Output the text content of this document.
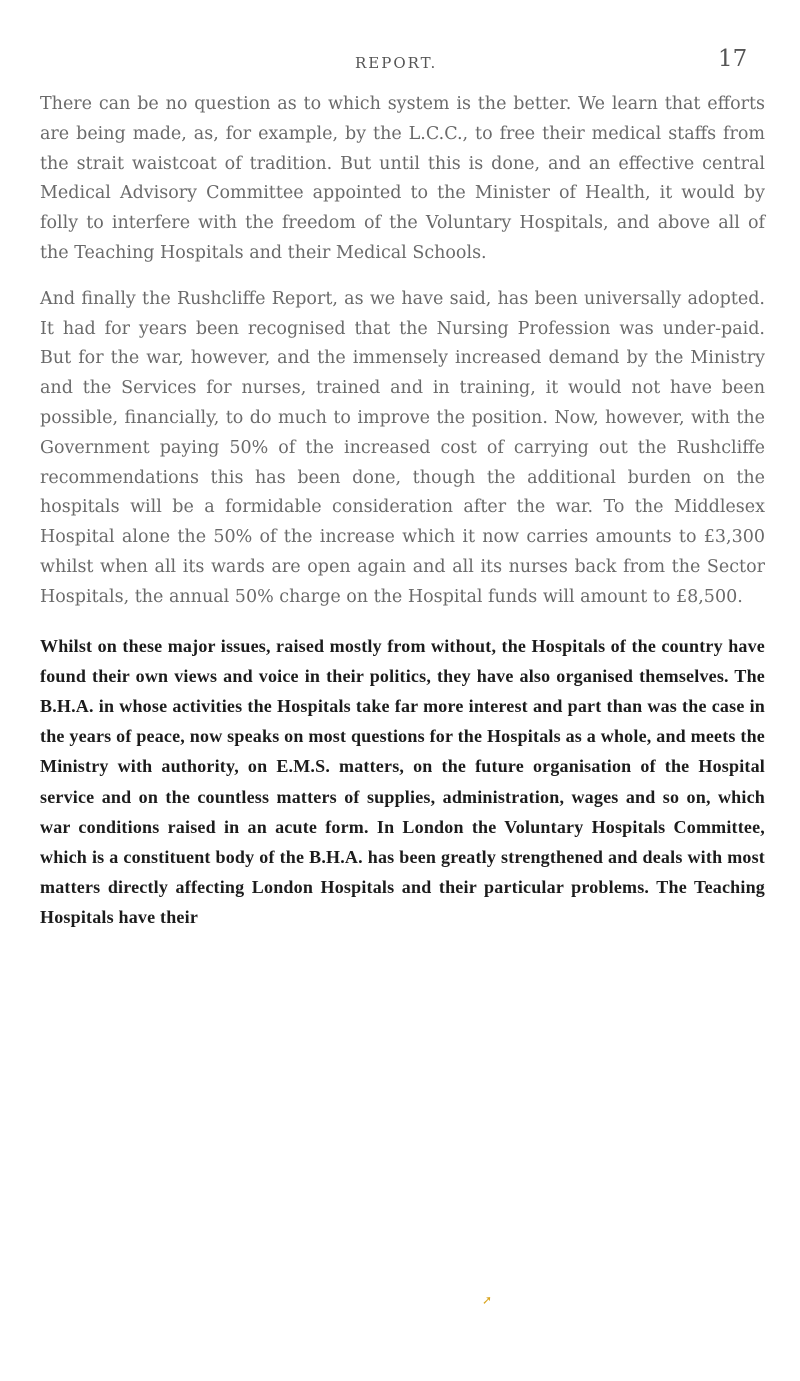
REPORT.	17

There can be no question as to which system is the better. We learn that efforts are being made, as, for example, by the L.C.C., to free their medical staffs from the strait waistcoat of tradition. But until this is done, and an effective central Medical Advisory Committee appointed to the Minister of Health, it would by folly to interfere with the freedom of the Voluntary Hospitals, and above all of the Teaching Hospitals and their Medical Schools.

And finally the Rushcliffe Report, as we have said, has been universally adopted. It had for years been recognised that the Nursing Profession was under-paid. But for the war, however, and the immensely increased demand by the Ministry and the Services for nurses, trained and in training, it would not have been possible, financially, to do much to improve the position. Now, however, with the Government paying 50% of the increased cost of carrying out the Rushcliffe recommendations this has been done, though the additional burden on the hospitals will be a formidable consideration after the war. To the Middlesex Hospital alone the 50% of the increase which it now carries amounts to £3,300 whilst when all its wards are open again and all its nurses back from the Sector Hospitals, the annual 50% charge on the Hospital funds will amount to £8,500.

Whilst on these major issues, raised mostly from without, the Hospitals of the country have found their own views and voice in their politics, they have also organised themselves. The B.H.A. in whose activities the Hospitals take far more interest and part than was the case in the years of peace, now speaks on most questions for the Hospitals as a whole, and meets the Ministry with authority, on E.M.S. matters, on the future organisation of the Hospital service and on the countless matters of supplies, administration, wages and so on, which war conditions raised in an acute form. In London the Voluntary Hospitals Committee, which is a constituent body of the B.H.A. has been greatly strengthened and deals with most matters directly affecting London Hospitals and their particular problems. The Teaching Hospitals have their

➚
